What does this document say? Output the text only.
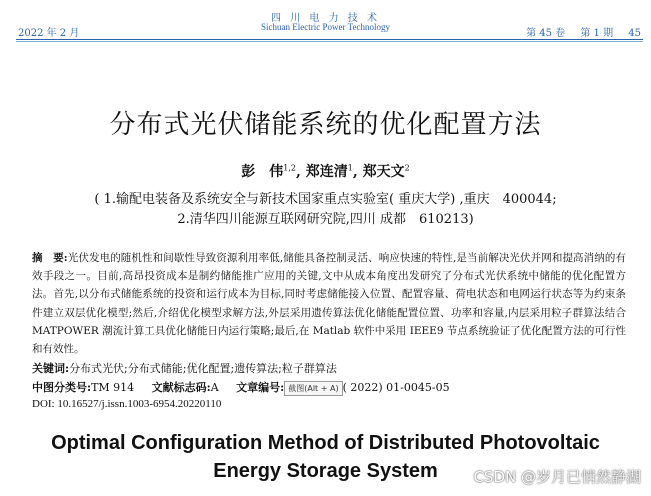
2022 年 2 月
四 川 电 力 技 术
Sichuan Electric Power Technology
第 45 卷 第 1 期 45
分布式光伏储能系统的优化配置方法
彭　伟$^{1,2}$, 郑连清$^1$, 郑天文$^2$
( 1.输配电装备及系统安全与新技术国家重点实验室( 重庆大学) ,重庆　400044;
2.清华四川能源互联网研究院,四川 成都　610213)
摘　要:光伏发电的随机性和间歇性导致资源利用率低,储能具备控制灵活、响应快速的特性,是当前解决光伏并网和提高消纳的有效手段之一。目前,高昂投资成本是制约储能推广应用的关键,文中从成本角度出发研究了分布式光伏系统中储能的优化配置方法。首先,以分布式储能系统的投资和运行成本为目标,同时考虑储能接入位置、配置容量、荷电状态和电网运行状态等为约束条件建立双层优化模型;然后,介绍优化模型求解方法,外层采用遗传算法优化储能配置位置、功率和容量,内层采用粒子群算法结合 MATPOWER 潮流计算工具优化储能日内运行策略;最后,在 Matlab 软件中采用 IEEE9 节点系统验证了优化配置方法的可行性和有效性。
关键词:分布式光伏;分布式储能;优化配置;遗传算法;粒子群算法
中图分类号:TM 914 文献标志码:A 文章编号: 截图(Alt + A) ( 2022) 01-0045-05
DOI: 10.16527/j.issn.1003-6954.20220110
Optimal Configuration Method of Distributed Photovoltaic
Energy Storage System	CSDN @岁月已悄然静湖
